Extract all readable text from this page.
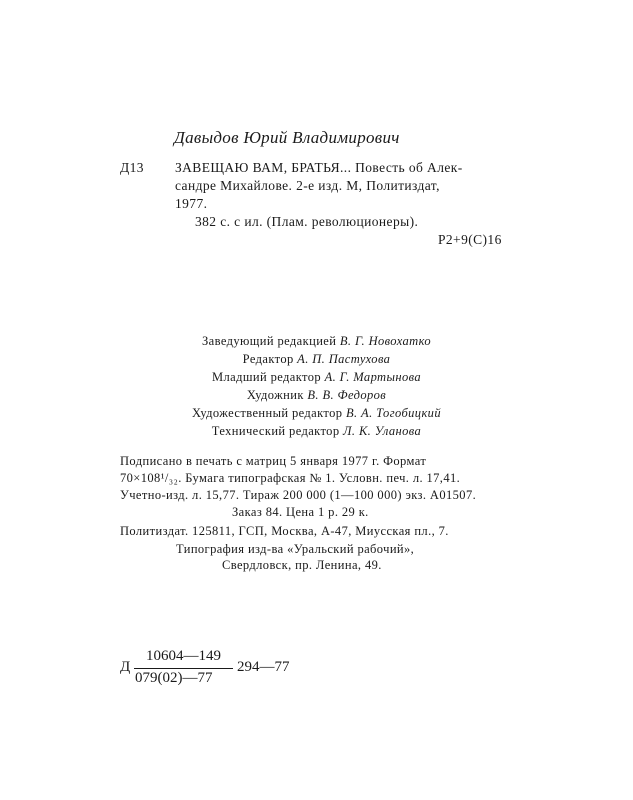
Давыдов Юрий Владимирович
Д13 ЗАВЕЩАЮ ВАМ, БРАТЬЯ... Повесть об Алек-
сандре Михайлове. 2-е изд. М, Политиздат,
1977.
382 с. с ил. (Плам. революционеры).
Р2+9(С)16
Заведующий редакцией В. Г. Новохатко
Редактор А. П. Пастухова
Младший редактор А. Г. Мартынова
Художник В. В. Федоров
Художественный редактор В. А. Тогобицкий
Технический редактор Л. К. Уланова
Подписано в печать с матриц 5 января 1977 г. Формат
70×108¹/₃₂. Бумага типографская № 1. Условн. печ. л. 17,41.
Учетно-изд. л. 15,77. Тираж 200 000 (1—100 000) экз. А01507.
Заказ 84. Цена 1 р. 29 к.
Политиздат. 125811, ГСП, Москва, А-47, Миусская пл., 7.
Типография изд-ва «Уральский рабочий»,
Свердловск, пр. Ленина, 49.
Д
10604—149
079(02)—77
294—77
